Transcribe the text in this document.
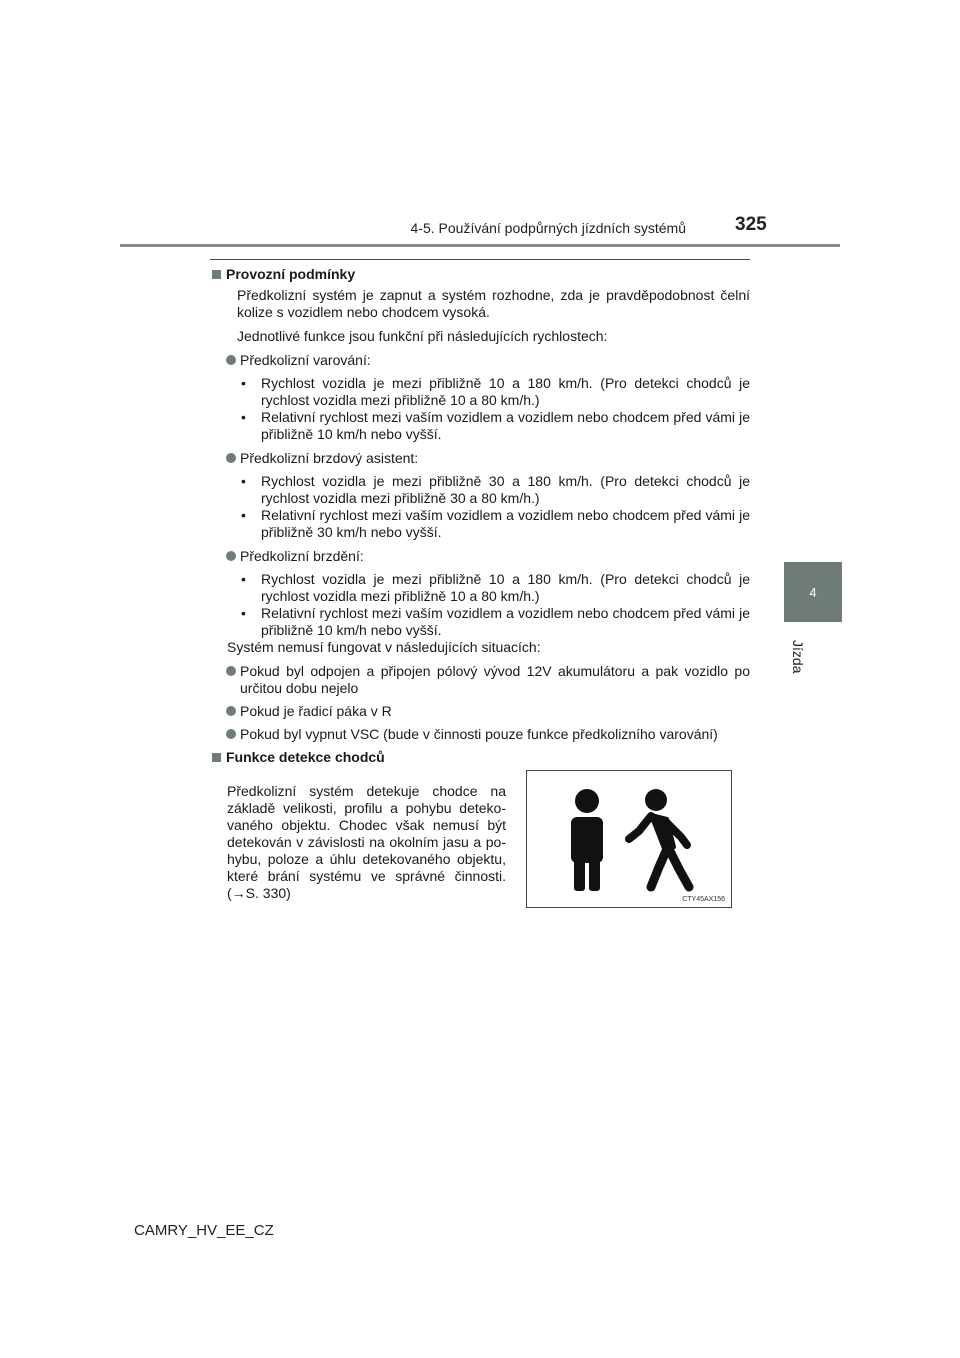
4-5. Používání podpůrných jízdních systémů	325
4
Jízda
Provozní podmínky

Předkolizní systém je zapnut a systém rozhodne, zda je pravděpodobnost čelní kolize s vozidlem nebo chodcem vysoká.

Jednotlivé funkce jsou funkční při následujících rychlostech:

Předkolizní varování:
•	Rychlost vozidla je mezi přibližně 10 a 180 km/h. (Pro detekci chodců je rychlost vozidla mezi přibližně 10 a 80 km/h.)
•	Relativní rychlost mezi vaším vozidlem a vozidlem nebo chodcem před vámi je přibližně 10 km/h nebo vyšší.
Předkolizní brzdový asistent:
•	Rychlost vozidla je mezi přibližně 30 a 180 km/h. (Pro detekci chodců je rychlost vozidla mezi přibližně 30 a 80 km/h.)
•	Relativní rychlost mezi vaším vozidlem a vozidlem nebo chodcem před vámi je přibližně 30 km/h nebo vyšší.
Předkolizní brzdění:
•	Rychlost vozidla je mezi přibližně 10 a 180 km/h. (Pro detekci chodců je rychlost vozidla mezi přibližně 10 a 80 km/h.)
•	Relativní rychlost mezi vaším vozidlem a vozidlem nebo chodcem před vámi je přibližně 10 km/h nebo vyšší.

Systém nemusí fungovat v následujících situacích:

Pokud byl odpojen a připojen pólový vývod 12V akumulátoru a pak vozidlo po určitou dobu nejelo
Pokud je řadicí páka v R
Pokud byl vypnut VSC (bude v činnosti pouze funkce předkolizního varování)
Funkce detekce chodců

Předkolizní systém detekuje chodce na základě velikosti, profilu a pohybu deteko-vaného objektu. Chodec však nemusí být detekován v závislosti na okolním jasu a po-hybu, poloze a úhlu detekovaného objektu, které brání systému ve správné činnosti. (→S. 330)	CTY45AX156
CAMRY_HV_EE_CZ
